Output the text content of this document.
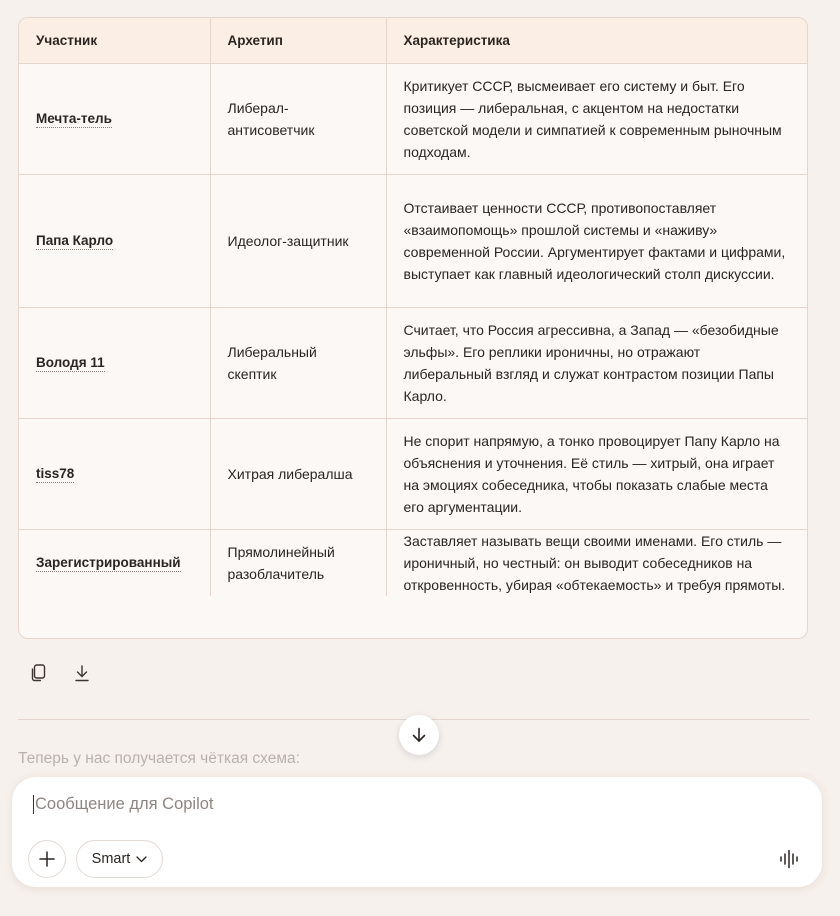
Участник	Архетип	Характеристика
Мечта-тель	Либерал-антисоветчик	Критикует СССР, высмеивает его систему и быт. Его позиция — либеральная, с акцентом на недостатки советской модели и симпатией к современным рыночным подходам.
Папа Карло	Идеолог-защитник	Отстаивает ценности СССР, противопоставляет «взаимопомощь» прошлой системы и «наживу» современной России. Аргументирует фактами и цифрами, выступает как главный идеологический столп дискуссии.
Володя 11	Либеральный скептик	Считает, что Россия агрессивна, а Запад — «безобидные эльфы». Его реплики ироничны, но отражают либеральный взгляд и служат контрастом позиции Папы Карло.
tiss78	Хитрая либералша	Не спорит напрямую, а тонко провоцирует Папу Карло на объяснения и уточнения. Её стиль — хитрый, она играет на эмоциях собеседника, чтобы показать слабые места его аргументации.
Зарегистрированный	Прямолинейный разоблачитель	Заставляет называть вещи своими именами. Его стиль — ироничный, но честный: он выводит собеседников на откровенность, убирая «обтекаемость» и требуя прямоты.
Теперь у нас получается чёткая схема:
Сообщение для Copilot
Smart
